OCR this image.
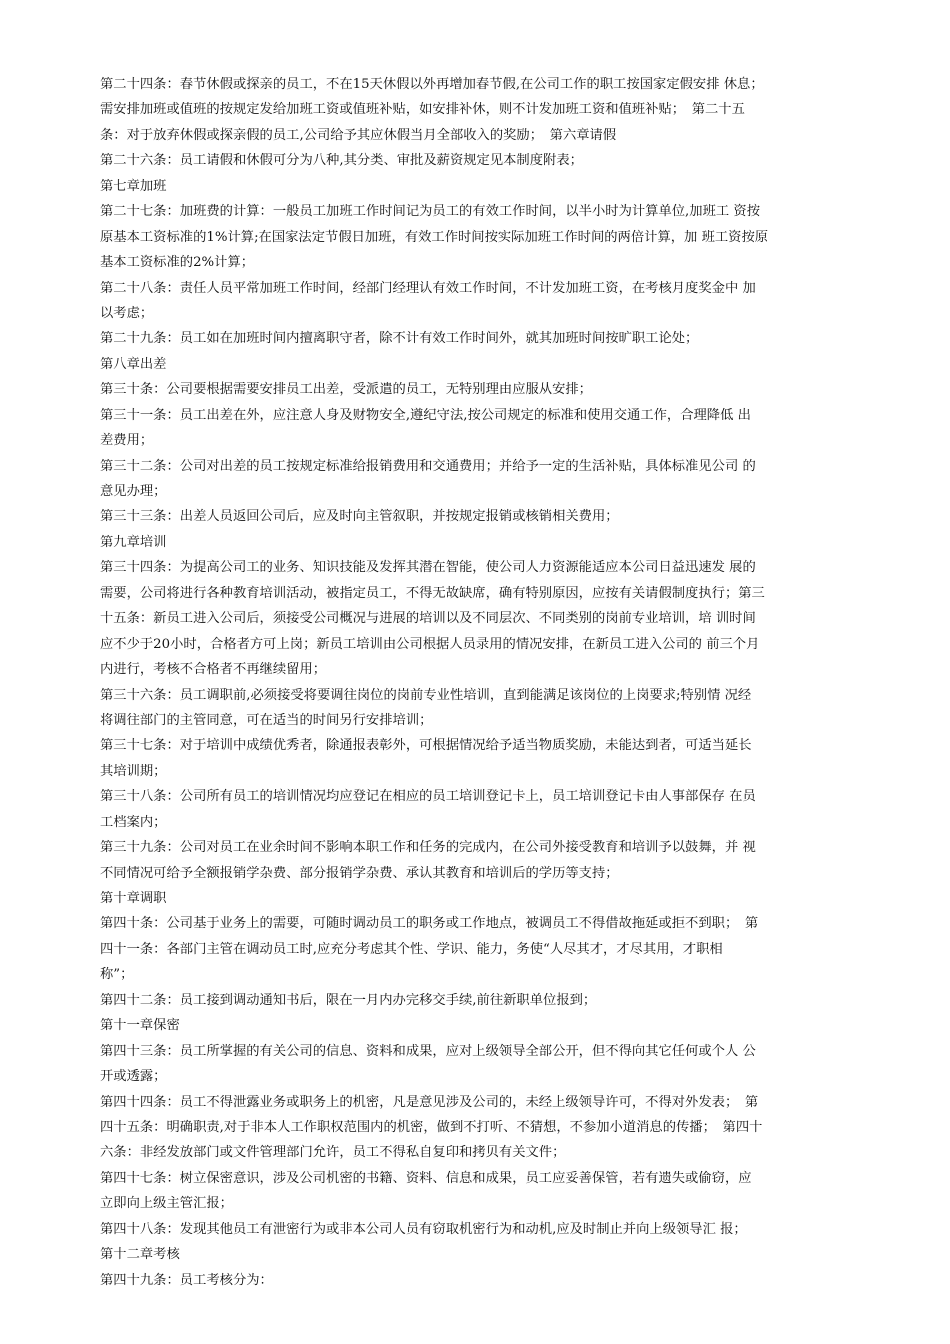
第二十四条：春节休假或探亲的员工，不在15天休假以外再增加春节假,在公司工作的职工按国家定假安排 休息；
需安排加班或值班的按规定发给加班工资或值班补贴，如安排补休，则不计发加班工资和值班补贴；　第二十五
条：对于放弃休假或探亲假的员工,公司给予其应休假当月全部收入的奖励；　第六章请假
第二十六条：员工请假和休假可分为八种,其分类、审批及薪资规定见本制度附表；
第七章加班
第二十七条：加班费的计算：一般员工加班工作时间记为员工的有效工作时间，以半小时为计算单位,加班工 资按
原基本工资标准的1%计算;在国家法定节假日加班，有效工作时间按实际加班工作时间的两倍计算，加 班工资按原
基本工资标准的2%计算；
第二十八条：责任人员平常加班工作时间，经部门经理认有效工作时间，不计发加班工资，在考核月度奖金中 加
以考虑；
第二十九条：员工如在加班时间内擅离职守者，除不计有效工作时间外，就其加班时间按旷职工论处；
第八章出差
第三十条：公司要根据需要安排员工出差，受派遣的员工，无特别理由应服从安排；
第三十一条：员工出差在外，应注意人身及财物安全,遵纪守法,按公司规定的标准和使用交通工作，合理降低 出
差费用；
第三十二条：公司对出差的员工按规定标准给报销费用和交通费用；并给予一定的生活补贴，具体标准见公司 的
意见办理；
第三十三条：出差人员返回公司后，应及时向主管叙职，并按规定报销或核销相关费用；
第九章培训
第三十四条：为提高公司工的业务、知识技能及发挥其潜在智能，使公司人力资源能适应本公司日益迅速发 展的
需要，公司将进行各种教育培训活动，被指定员工，不得无故缺席，确有特别原因，应按有关请假制度执行；第三
十五条：新员工进入公司后，须接受公司概况与进展的培训以及不同层次、不同类别的岗前专业培训，培 训时间
应不少于20小时，合格者方可上岗；新员工培训由公司根据人员录用的情况安排，在新员工进入公司的 前三个月
内进行，考核不合格者不再继续留用；
第三十六条：员工调职前,必须接受将要调往岗位的岗前专业性培训，直到能满足该岗位的上岗要求;特别情 况经
将调往部门的主管同意，可在适当的时间另行安排培训；
第三十七条：对于培训中成绩优秀者，除通报表彰外，可根据情况给予适当物质奖励，未能达到者，可适当延长
其培训期；
第三十八条：公司所有员工的培训情况均应登记在相应的员工培训登记卡上，员工培训登记卡由人事部保存 在员
工档案内；
第三十九条：公司对员工在业余时间不影响本职工作和任务的完成内，在公司外接受教育和培训予以鼓舞，并 视
不同情况可给予全额报销学杂费、部分报销学杂费、承认其教育和培训后的学历等支持；
第十章调职
第四十条：公司基于业务上的需要，可随时调动员工的职务或工作地点，被调员工不得借故拖延或拒不到职；　第
四十一条：各部门主管在调动员工时,应充分考虑其个性、学识、能力，务使“人尽其才，才尽其用，才职相
称”；
第四十二条：员工接到调动通知书后，限在一月内办完移交手续,前往新职单位报到；
第十一章保密
第四十三条：员工所掌握的有关公司的信息、资料和成果，应对上级领导全部公开，但不得向其它任何或个人 公
开或透露；
第四十四条：员工不得泄露业务或职务上的机密，凡是意见涉及公司的，未经上级领导许可，不得对外发表；　第
四十五条：明确职责,对于非本人工作职权范围内的机密，做到不打听、不猜想，不参加小道消息的传播；　第四十
六条：非经发放部门或文件管理部门允许，员工不得私自复印和拷贝有关文件；
第四十七条：树立保密意识，涉及公司机密的书籍、资料、信息和成果，员工应妥善保管，若有遗失或偷窃，应
立即向上级主管汇报；
第四十八条：发现其他员工有泄密行为或非本公司人员有窃取机密行为和动机,应及时制止并向上级领导汇 报；
第十二章考核
第四十九条：员工考核分为：
